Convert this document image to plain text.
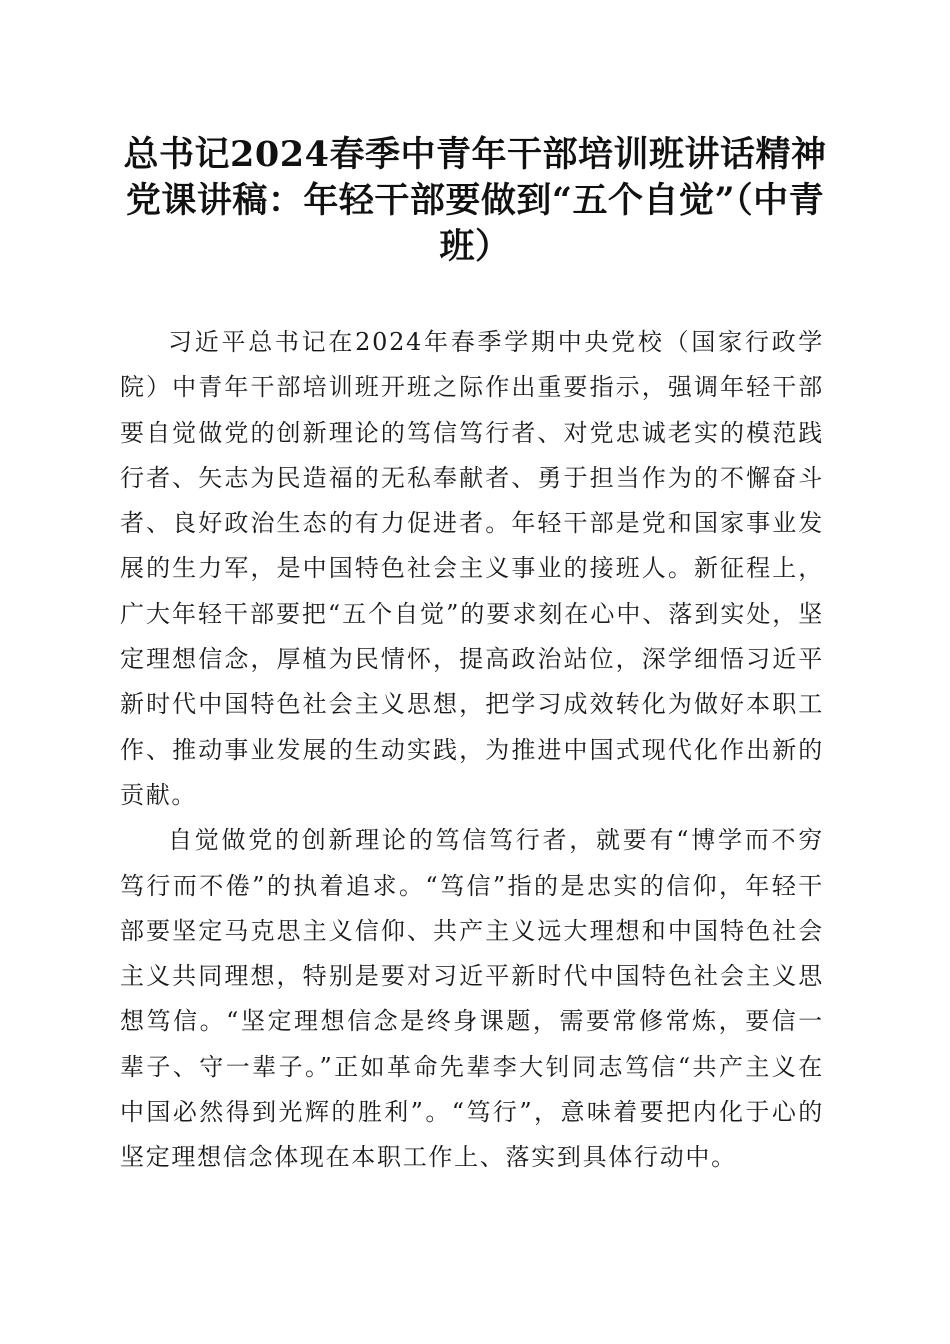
总书记2024春季中青年干部培训班讲话精神党课讲稿：年轻干部要做到“五个自觉”（中青班）

习近平总书记在2024年春季学期中央党校（国家行政学院）中青年干部培训班开班之际作出重要指示，强调年轻干部要自觉做党的创新理论的笃信笃行者、对党忠诚老实的模范践行者、矢志为民造福的无私奉献者、勇于担当作为的不懈奋斗者、良好政治生态的有力促进者。年轻干部是党和国家事业发展的生力军，是中国特色社会主义事业的接班人。新征程上，广大年轻干部要把“五个自觉”的要求刻在心中、落到实处，坚定理想信念，厚植为民情怀，提高政治站位，深学细悟习近平新时代中国特色社会主义思想，把学习成效转化为做好本职工作、推动事业发展的生动实践，为推进中国式现代化作出新的贡献。

自觉做党的创新理论的笃信笃行者，就要有“博学而不穷笃行而不倦”的执着追求。“笃信”指的是忠实的信仰，年轻干部要坚定马克思主义信仰、共产主义远大理想和中国特色社会主义共同理想，特别是要对习近平新时代中国特色社会主义思想笃信。“坚定理想信念是终身课题，需要常修常炼，要信一辈子、守一辈子。”正如革命先辈李大钊同志笃信“共产主义在中国必然得到光辉的胜利”。“笃行”，意味着要把内化于心的坚定理想信念体现在本职工作上、落实到具体行动中。
